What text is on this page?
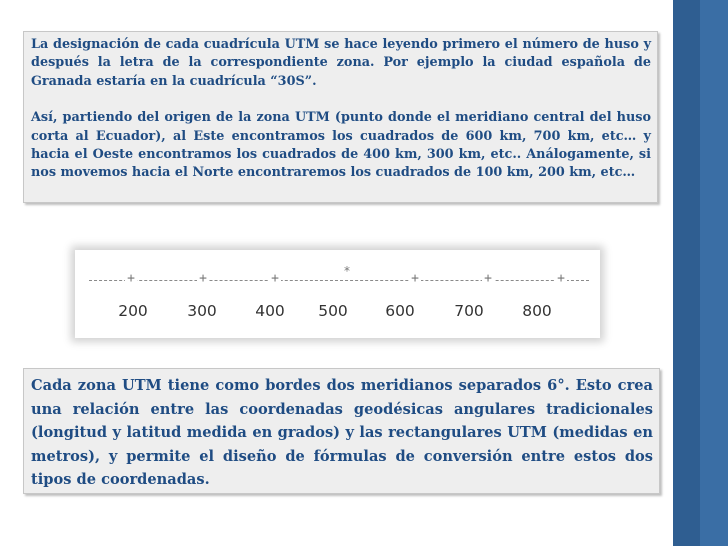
La designación de cada cuadrícula UTM se hace leyendo primero el número de huso y después la letra de la correspondiente zona. Por ejemplo la ciudad española de Granada estaría en la cuadrícula “30S”.

Así, partiendo del origen de la zona UTM (punto donde el meridiano central del huso corta al Ecuador), al Este encontramos los cuadrados de 600 km, 700 km, etc… y hacia el Oeste encontramos los cuadrados de 400 km, 300 km, etc.. Análogamente, si nos movemos hacia el Norte encontraremos los cuadrados de 100 km, 200 km, etc…

+	+	+	*	+	+	+
200	300	400	500	600	700	800

Cada zona UTM tiene como bordes dos meridianos separados 6°. Esto crea una relación entre las coordenadas geodésicas angulares tradicionales (longitud y latitud medida en grados) y las rectangulares UTM (medidas en metros), y permite el diseño de fórmulas de conversión entre estos dos tipos de coordenadas.
